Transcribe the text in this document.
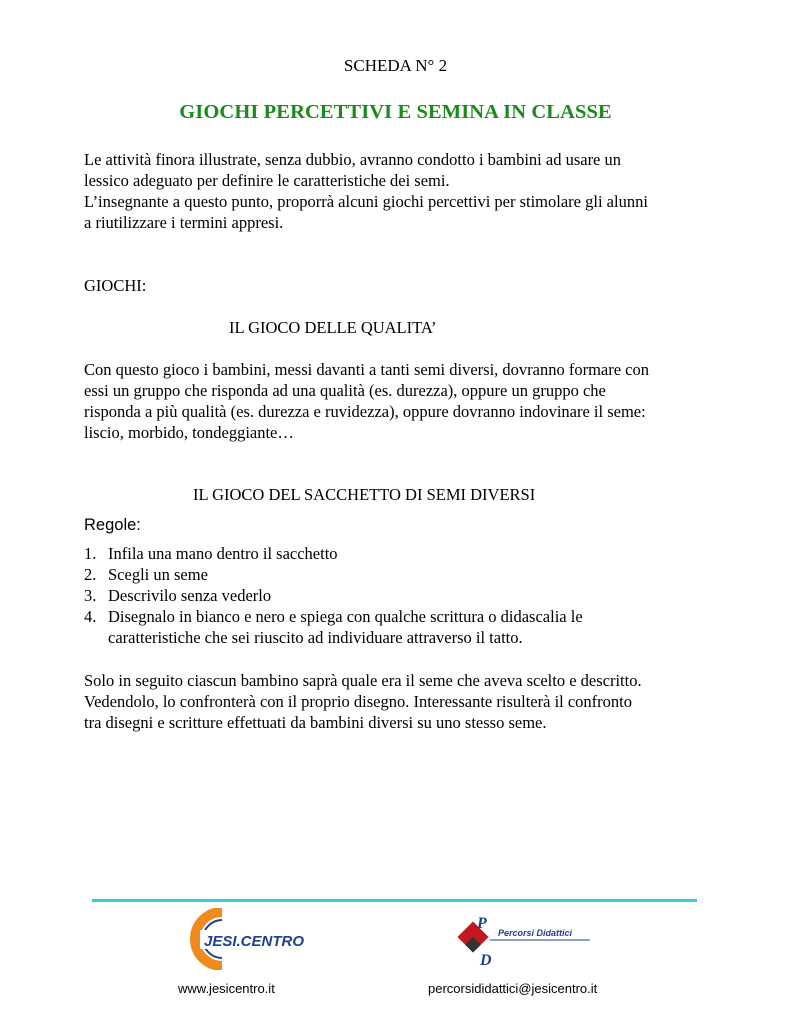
SCHEDA N° 2
GIOCHI PERCETTIVI E SEMINA IN CLASSE
Le attività finora illustrate, senza dubbio, avranno condotto i bambini ad usare un
lessico adeguato per definire le caratteristiche dei semi.
L’insegnante a questo punto, proporrà alcuni giochi percettivi per stimolare gli alunni
a riutilizzare i termini appresi.
GIOCHI:
IL GIOCO DELLE QUALITA’
Con questo gioco i bambini, messi davanti a tanti semi diversi, dovranno formare con
essi un gruppo che risponda ad una qualità (es. durezza), oppure un gruppo che
risponda a più qualità (es. durezza e ruvidezza), oppure dovranno indovinare il seme:
liscio, morbido, tondeggiante…
IL GIOCO DEL SACCHETTO DI SEMI DIVERSI
Regole:
1. Infila una mano dentro il sacchetto
2. Scegli un seme
3. Descrivilo senza vederlo
4. Disegnalo in bianco e nero e spiega con qualche scrittura o didascalia le
caratteristiche che sei riuscito ad individuare attraverso il tatto.
Solo in seguito ciascun bambino saprà quale era il seme che aveva scelto e descritto.
Vedendolo, lo confronterà con il proprio disegno. Interessante risulterà il confronto
tra disegni e scritture effettuati da bambini diversi su uno stesso seme.
JESI.CENTRO
P
D
Percorsi Didattici
www.jesicentro.it	percorsididattici@jesicentro.it
